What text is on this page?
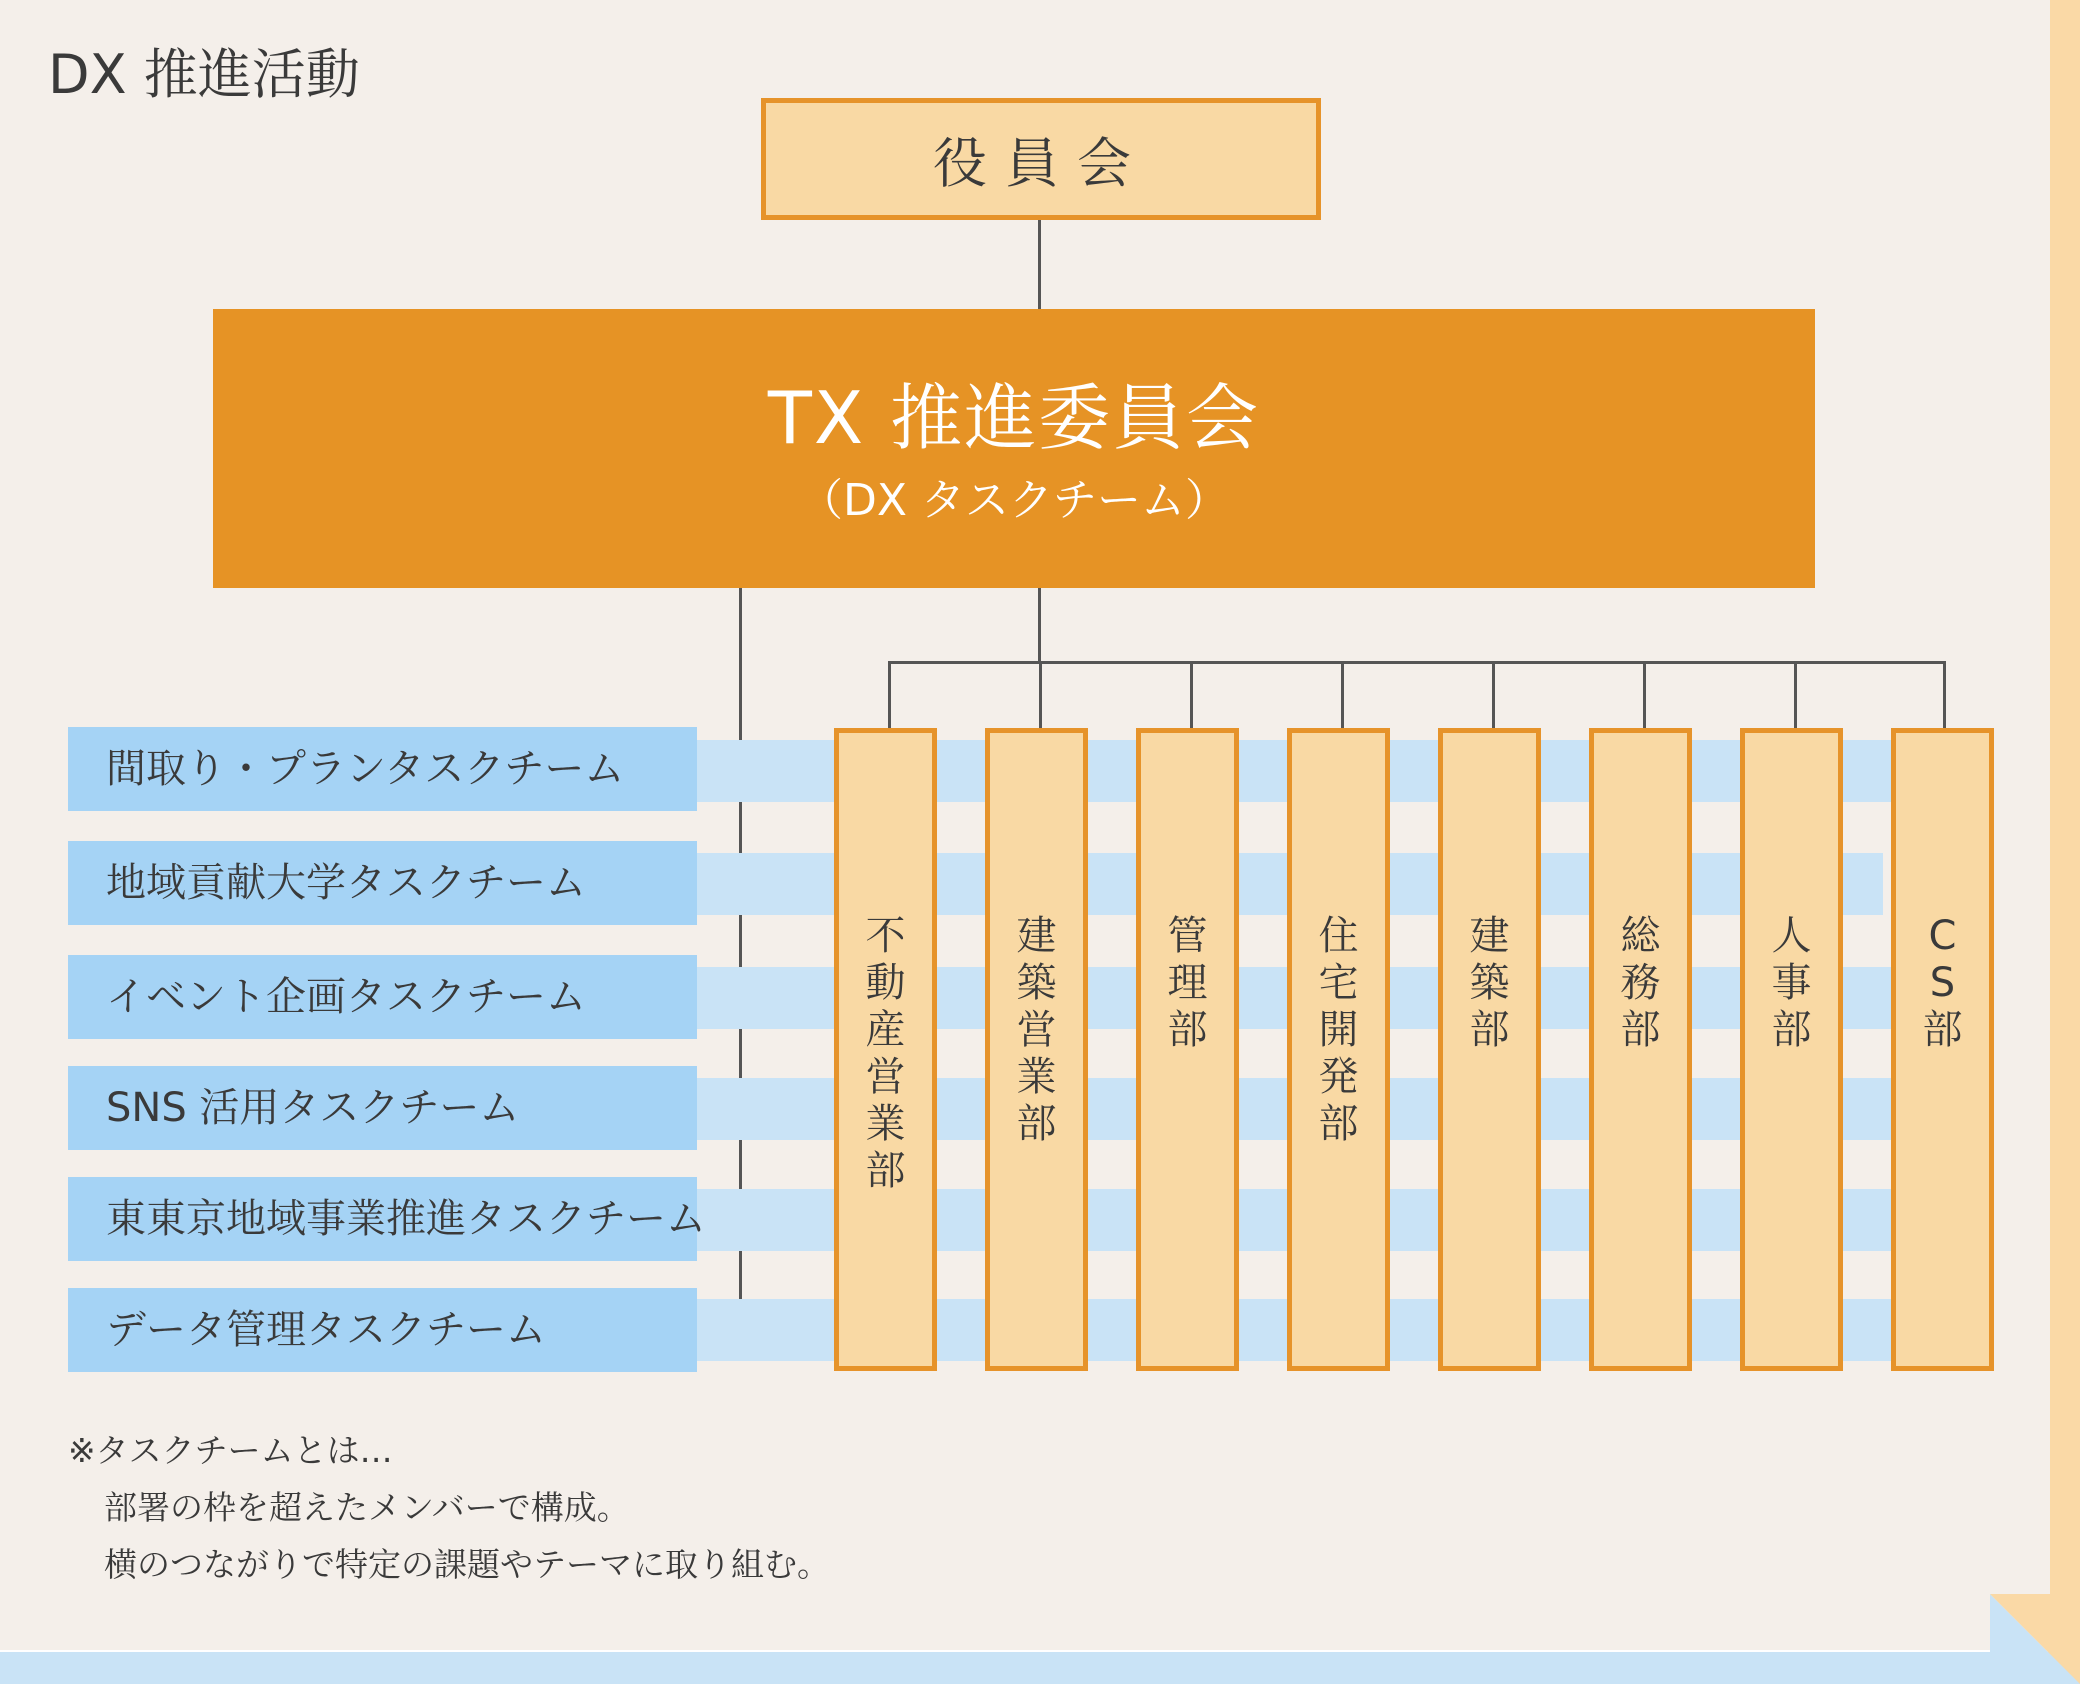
DX 推進活動
役員会
TX 推進委員会
（DX タスクチーム）
間取り・プランタスクチーム
地域貢献大学タスクチーム
イベント企画タスクチーム
SNS 活用タスクチーム
東東京地域事業推進タスクチーム
データ管理タスクチーム
不
動
産
営
業
部
建
築
営
業
部
管
理
部
住
宅
開
発
部
建
築
部
総
務
部
人
事
部
C
S
部
※タスクチームとは…
部署の枠を超えたメンバーで構成。
横のつながりで特定の課題やテーマに取り組む。
